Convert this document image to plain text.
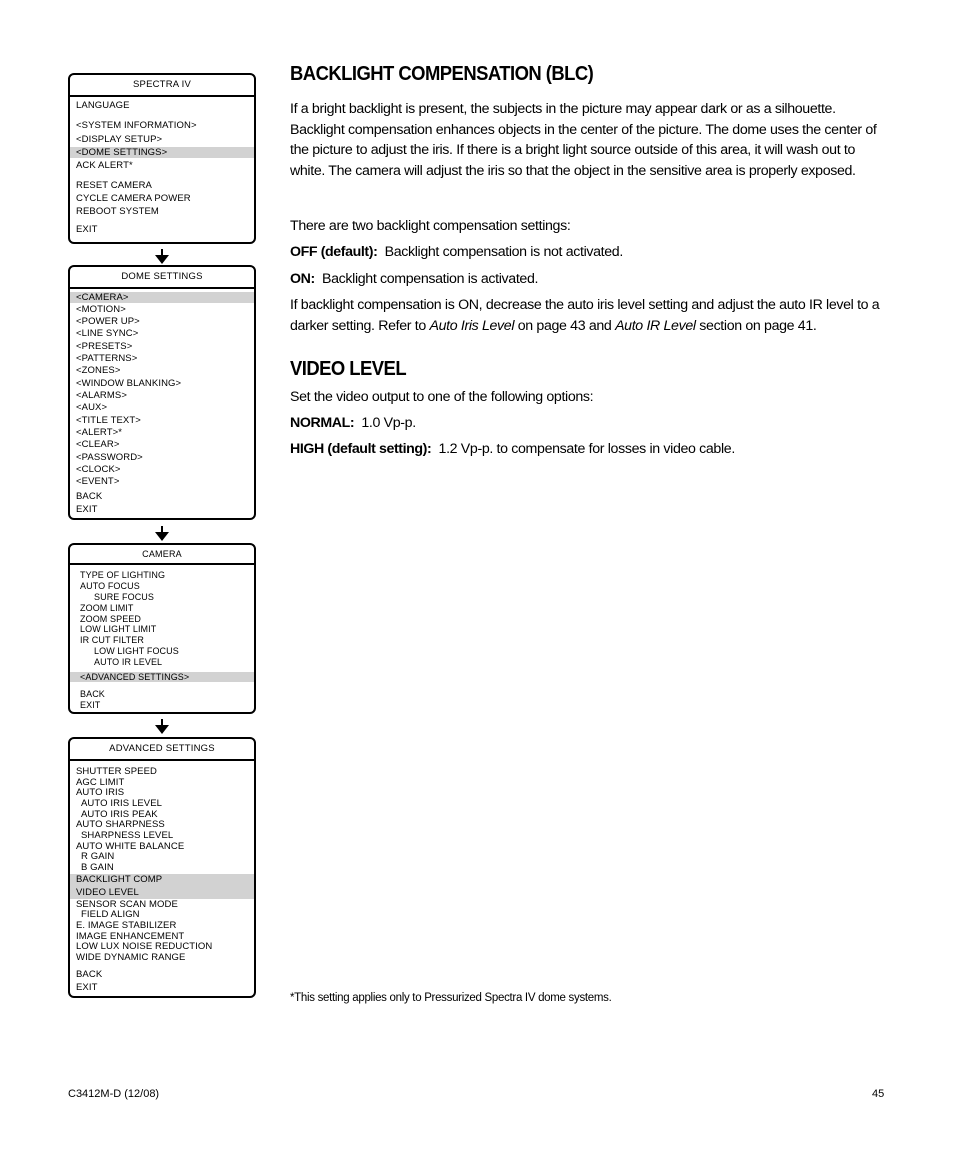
SPECTRA IV
LANGUAGE
<SYSTEM INFORMATION>
<DISPLAY SETUP>
<DOME SETTINGS>
ACK ALERT*
RESET CAMERA
CYCLE CAMERA POWER
REBOOT SYSTEM
EXIT
DOME SETTINGS
<CAMERA>
<MOTION>
<POWER UP>
<LINE SYNC>
<PRESETS>
<PATTERNS>
<ZONES>
<WINDOW BLANKING>
<ALARMS>
<AUX>
<TITLE TEXT>
<ALERT>*
<CLEAR>
<PASSWORD>
<CLOCK>
<EVENT>
BACK
EXIT
CAMERA
TYPE OF LIGHTING
AUTO FOCUS
SURE FOCUS
ZOOM LIMIT
ZOOM SPEED
LOW LIGHT LIMIT
IR CUT FILTER
LOW LIGHT FOCUS
AUTO IR LEVEL
<ADVANCED SETTINGS>
BACK
EXIT
ADVANCED SETTINGS
SHUTTER SPEED
AGC LIMIT
AUTO IRIS
AUTO IRIS LEVEL
AUTO IRIS PEAK
AUTO SHARPNESS
SHARPNESS LEVEL
AUTO WHITE BALANCE
R GAIN
B GAIN
BACKLIGHT COMP
VIDEO LEVEL
SENSOR SCAN MODE
FIELD ALIGN
E. IMAGE STABILIZER
IMAGE ENHANCEMENT
LOW LUX NOISE REDUCTION
WIDE DYNAMIC RANGE
BACK
EXIT
BACKLIGHT COMPENSATION (BLC)

If a bright backlight is present, the subjects in the picture may appear dark or as a silhouette. Backlight compensation enhances objects in the center of the picture. The dome uses the center of the picture to adjust the iris. If there is a bright light source outside of this area, it will wash out to white. The camera will adjust the iris so that the object in the sensitive area is properly exposed.

There are two backlight compensation settings:

OFF (default): Backlight compensation is not activated.

ON: Backlight compensation is activated.

If backlight compensation is ON, decrease the auto iris level setting and adjust the auto IR level to a darker setting. Refer to Auto Iris Level on page 43 and Auto IR Level section on page 41.

VIDEO LEVEL

Set the video output to one of the following options:

NORMAL: 1.0 Vp-p.

HIGH (default setting): 1.2 Vp-p. to compensate for losses in video cable.

*This setting applies only to Pressurized Spectra IV dome systems.
C3412M-D (12/08)	45
